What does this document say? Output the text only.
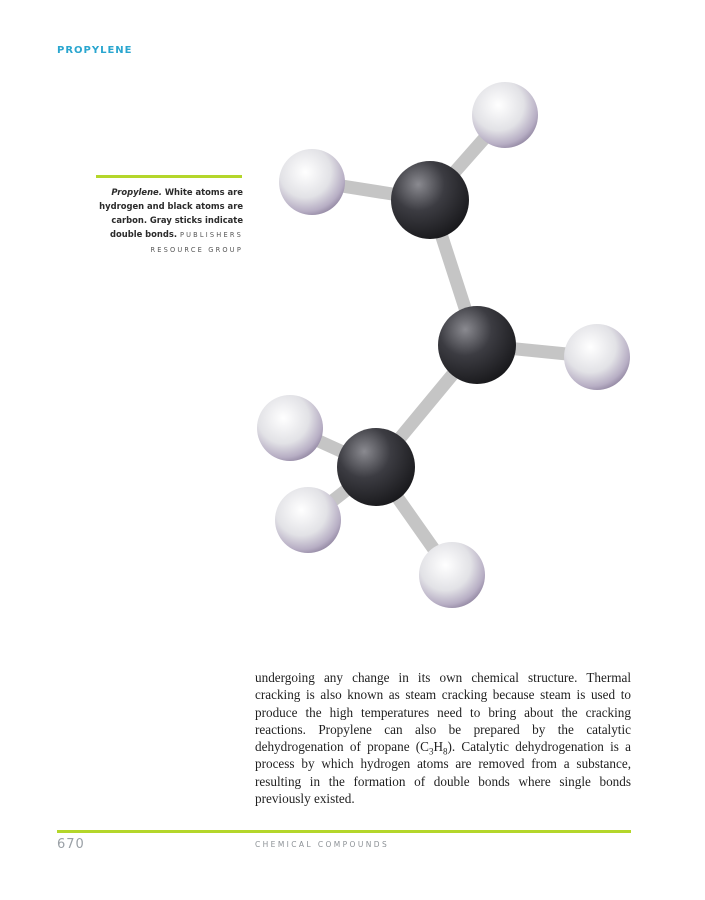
PROPYLENE
Propylene. White atoms are hydrogen and black atoms are carbon. Gray sticks indicate double bonds. PUBLISHERS
RESOURCE GROUP

undergoing any change in its own chemical structure. Thermal cracking is also known as steam cracking because steam is used to produce the high temperatures need to bring about the cracking reactions. Propylene can also be prepared by the catalytic dehydrogenation of propane $(C_3H_8)$. Catalytic dehydrogenation is a process by which hydrogen atoms are removed from a substance, resulting in the formation of double bonds where single bonds previously existed.

670	CHEMICAL COMPOUNDS
